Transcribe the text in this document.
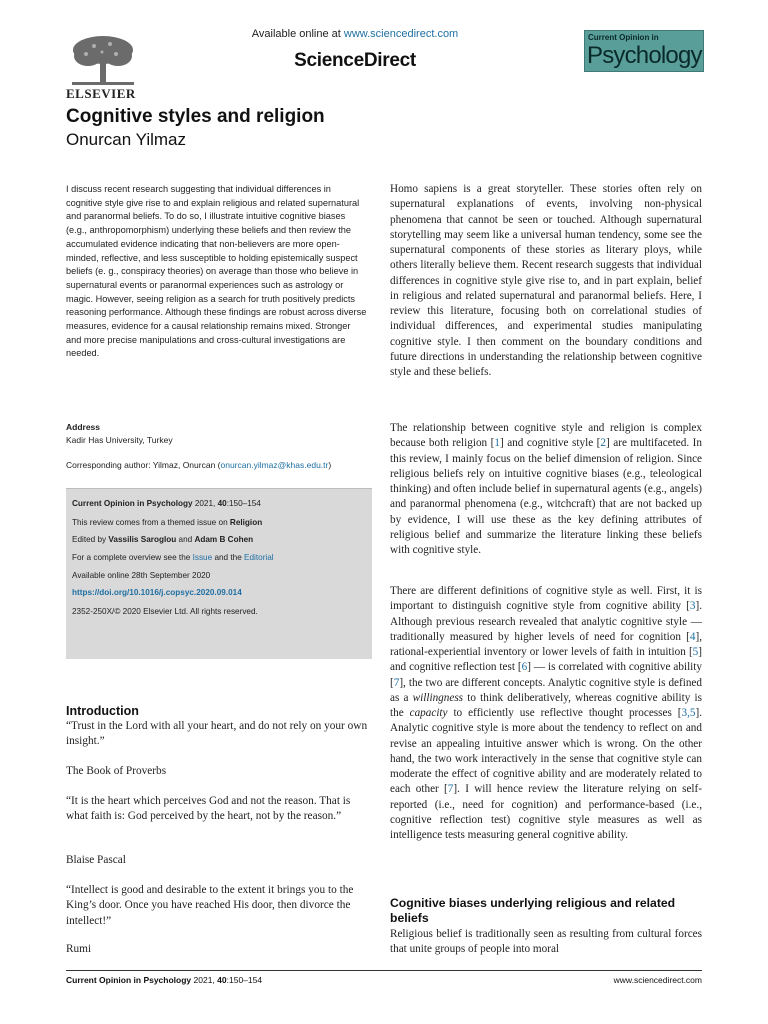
ELSEVIER
Available online at www.sciencedirect.com
ScienceDirect
Current Opinion in
Psychology
Cognitive styles and religion
Onurcan Yilmaz
I discuss recent research suggesting that individual differences in cognitive style give rise to and explain religious and related supernatural and paranormal beliefs. To do so, I illustrate intuitive cognitive biases (e.g., anthropomorphism) underlying these beliefs and then review the accumulated evidence indicating that non-believers are more open-minded, reflective, and less susceptible to holding epistemically suspect beliefs (e. g., conspiracy theories) on average than those who believe in supernatural events or paranormal experiences such as astrology or magic. However, seeing religion as a search for truth positively predicts reasoning performance. Although these findings are robust across diverse measures, evidence for a causal relationship remains mixed. Stronger and more precise manipulations and cross-cultural investigations are needed.
Address
Kadir Has University, Turkey
Corresponding author: Yilmaz, Onurcan (onurcan.yilmaz@khas.edu.tr)
Current Opinion in Psychology 2021, 40:150–154
This review comes from a themed issue on Religion
Edited by Vassilis Saroglou and Adam B Cohen
For a complete overview see the Issue and the Editorial
Available online 28th September 2020
https://doi.org/10.1016/j.copsyc.2020.09.014
2352-250X/© 2020 Elsevier Ltd. All rights reserved.
Introduction
“Trust in the Lord with all your heart, and do not rely on your own insight.”
The Book of Proverbs
“It is the heart which perceives God and not the reason. That is what faith is: God perceived by the heart, not by the reason.”
Blaise Pascal
“Intellect is good and desirable to the extent it brings you to the King’s door. Once you have reached His door, then divorce the intellect!”
Rumi
Homo sapiens is a great storyteller. These stories often rely on supernatural explanations of events, involving non-physical phenomena that cannot be seen or touched. Although supernatural storytelling may seem like a universal human tendency, some see the supernatural components of these stories as literary ploys, while others literally believe them. Recent research suggests that individual differences in cognitive style give rise to, and in part explain, belief in religious and related supernatural and paranormal beliefs. Here, I review this literature, focusing both on correlational studies of individual differences, and experimental studies manipulating cognitive style. I then comment on the boundary conditions and future directions in understanding the relationship between cognitive style and these beliefs.
The relationship between cognitive style and religion is complex because both religion [1] and cognitive style [2] are multifaceted. In this review, I mainly focus on the belief dimension of religion. Since religious beliefs rely on intuitive cognitive biases (e.g., teleological thinking) and often include belief in supernatural agents (e.g., angels) and paranormal phenomena (e.g., witchcraft) that are not backed up by evidence, I will use these as the key defining attributes of religious belief and summarize the literature linking these beliefs with cognitive style.
There are different definitions of cognitive style as well. First, it is important to distinguish cognitive style from cognitive ability [3]. Although previous research revealed that analytic cognitive style — traditionally measured by higher levels of need for cognition [4], rational-experiential inventory or lower levels of faith in intuition [5] and cognitive reflection test [6] — is correlated with cognitive ability [7], the two are different concepts. Analytic cognitive style is defined as a willingness to think deliberatively, whereas cognitive ability is the capacity to efficiently use reflective thought processes [3,5]. Analytic cognitive style is more about the tendency to reflect on and revise an appealing intuitive answer which is wrong. On the other hand, the two work interactively in the sense that cognitive style can moderate the effect of cognitive ability and are moderately related to each other [7]. I will hence review the literature relying on self-reported (i.e., need for cognition) and performance-based (i.e., cognitive reflection test) cognitive style measures as well as intelligence tests measuring general cognitive ability.
Cognitive biases underlying religious and related beliefs
Religious belief is traditionally seen as resulting from cultural forces that unite groups of people into moral
Current Opinion in Psychology 2021, 40:150–154	www.sciencedirect.com
